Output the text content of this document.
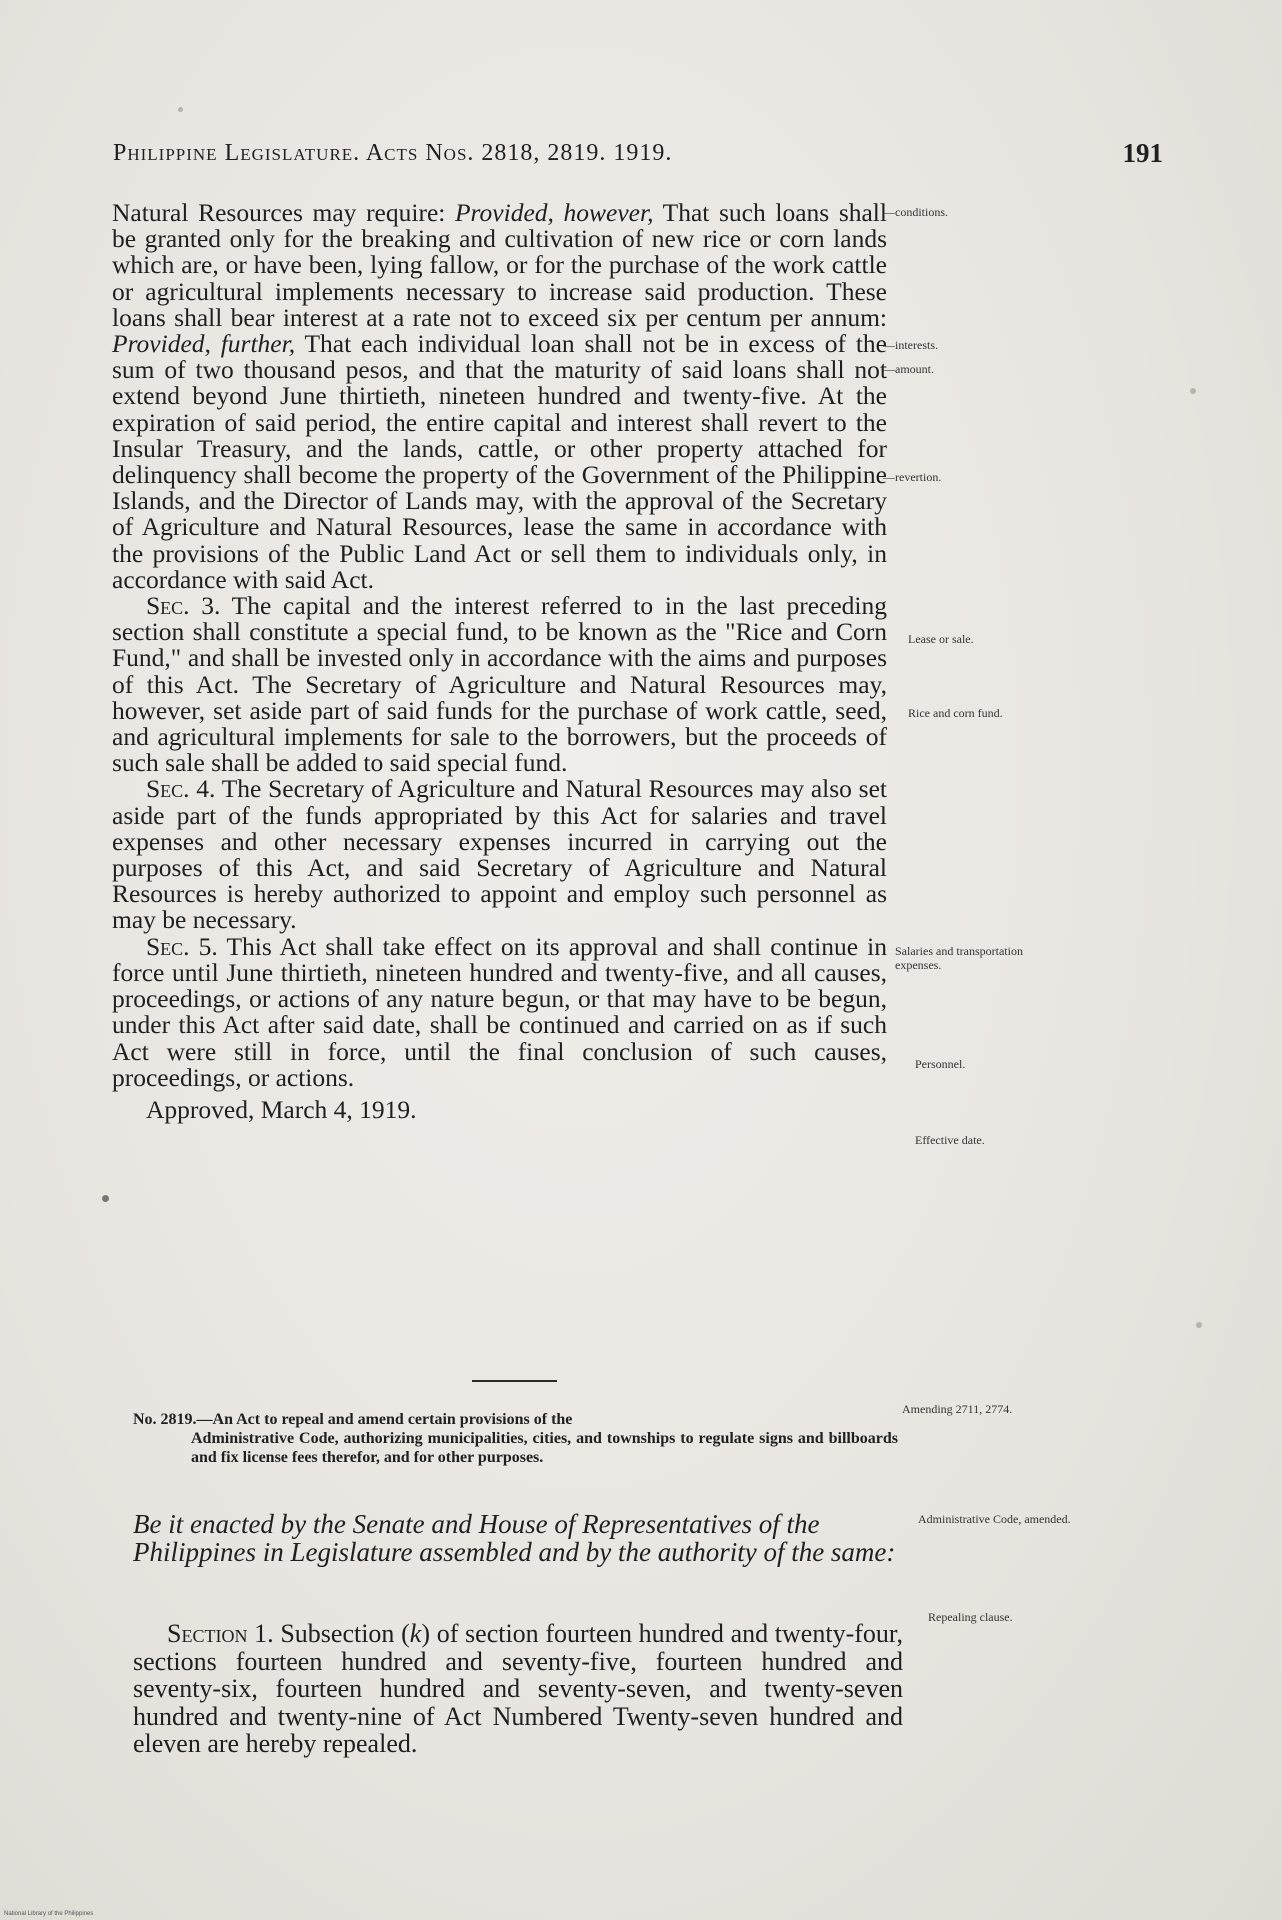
Philippine Legislature. Acts Nos. 2818, 2819. 1919.	191

Natural Resources may require: Provided, however, That such loans shall be granted only for the breaking and cultivation of new rice or corn lands which are, or have been, lying fallow, or for the purchase of the work cattle or agricultural implements necessary to increase said production. These loans shall bear interest at a rate not to exceed six per centum per annum: Provided, further, That each individual loan shall not be in excess of the sum of two thousand pesos, and that the maturity of said loans shall not extend beyond June thirtieth, nineteen hundred and twenty-five. At the expiration of said period, the entire capital and interest shall revert to the Insular Treasury, and the lands, cattle, or other property attached for delinquency shall become the property of the Government of the Philippine Islands, and the Director of Lands may, with the approval of the Secretary of Agriculture and Natural Resources, lease the same in accordance with the provisions of the Public Land Act or sell them to individuals only, in accordance with said Act.

Sec. 3. The capital and the interest referred to in the last preceding section shall constitute a special fund, to be known as the "Rice and Corn Fund," and shall be invested only in accordance with the aims and purposes of this Act. The Secretary of Agriculture and Natural Resources may, however, set aside part of said funds for the purchase of work cattle, seed, and agricultural implements for sale to the borrowers, but the proceeds of such sale shall be added to said special fund.

Sec. 4. The Secretary of Agriculture and Natural Resources may also set aside part of the funds appropriated by this Act for salaries and travel expenses and other necessary expenses incurred in carrying out the purposes of this Act, and said Secretary of Agriculture and Natural Resources is hereby authorized to appoint and employ such personnel as may be necessary.

Sec. 5. This Act shall take effect on its approval and shall continue in force until June thirtieth, nineteen hundred and twenty-five, and all causes, proceedings, or actions of any nature begun, or that may have to be begun, under this Act after said date, shall be continued and carried on as if such Act were still in force, until the final conclusion of such causes, proceedings, or actions.

Approved, March 4, 1919.

—conditions.
—interests.
—amount.
—revertion.
Lease or sale.
Rice and corn fund.
Salaries and transportation expenses.
Personnel.
Effective date.
Amending 2711, 2774.
Administrative Code, amended.
Repealing clause.
No. 2819.—An Act to repeal and amend certain provisions of the
Administrative Code, authorizing municipalities, cities, and townships to regulate signs and billboards and fix license fees therefor, and for other purposes.
Be it enacted by the Senate and House of Representatives of the Philippines in Legislature assembled and by the authority of the same:
Section 1. Subsection (k) of section fourteen hundred and twenty-four, sections fourteen hundred and seventy-five, fourteen hundred and seventy-six, fourteen hundred and seventy-seven, and twenty-seven hundred and twenty-nine of Act Numbered Twenty-seven hundred and eleven are hereby repealed.
National Library of the Philippines
